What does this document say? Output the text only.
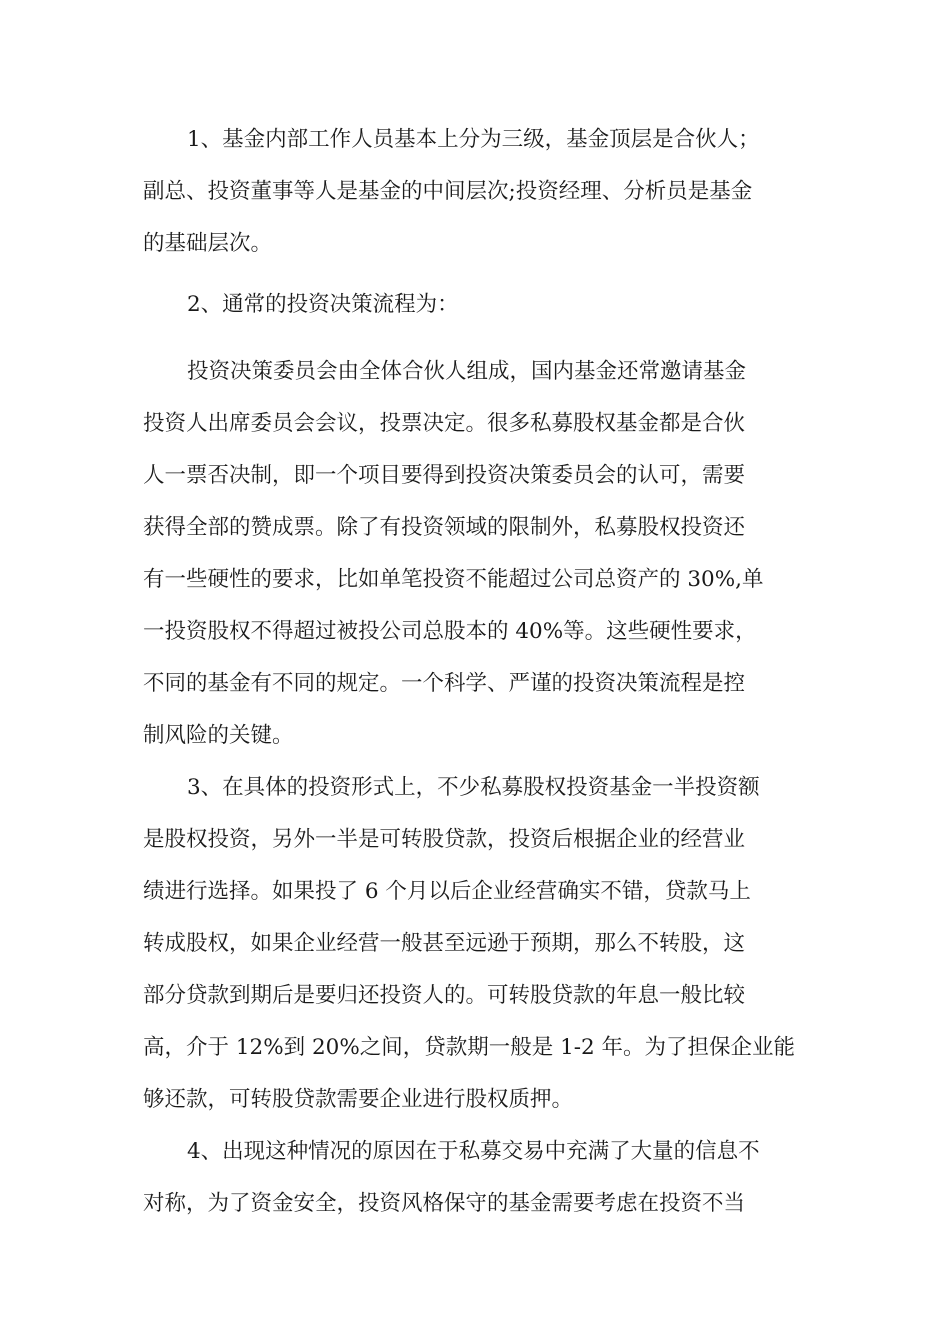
1、基金内部工作人员基本上分为三级，基金顶层是合伙人；
副总、投资董事等人是基金的中间层次;投资经理、分析员是基金
的基础层次。
2、通常的投资决策流程为：
投资决策委员会由全体合伙人组成，国内基金还常邀请基金
投资人出席委员会会议，投票决定。很多私募股权基金都是合伙
人一票否决制，即一个项目要得到投资决策委员会的认可，需要
获得全部的赞成票。除了有投资领域的限制外，私募股权投资还
有一些硬性的要求，比如单笔投资不能超过公司总资产的 30%,单
一投资股权不得超过被投公司总股本的 40%等。这些硬性要求，
不同的基金有不同的规定。一个科学、严谨的投资决策流程是控
制风险的关键。
3、在具体的投资形式上，不少私募股权投资基金一半投资额
是股权投资，另外一半是可转股贷款，投资后根据企业的经营业
绩进行选择。如果投了 6 个月以后企业经营确实不错，贷款马上
转成股权，如果企业经营一般甚至远逊于预期，那么不转股，这
部分贷款到期后是要归还投资人的。可转股贷款的年息一般比较
高，介于 12%到 20%之间，贷款期一般是 1-2 年。为了担保企业能
够还款，可转股贷款需要企业进行股权质押。
4、出现这种情况的原因在于私募交易中充满了大量的信息不
对称，为了资金安全，投资风格保守的基金需要考虑在投资不当
